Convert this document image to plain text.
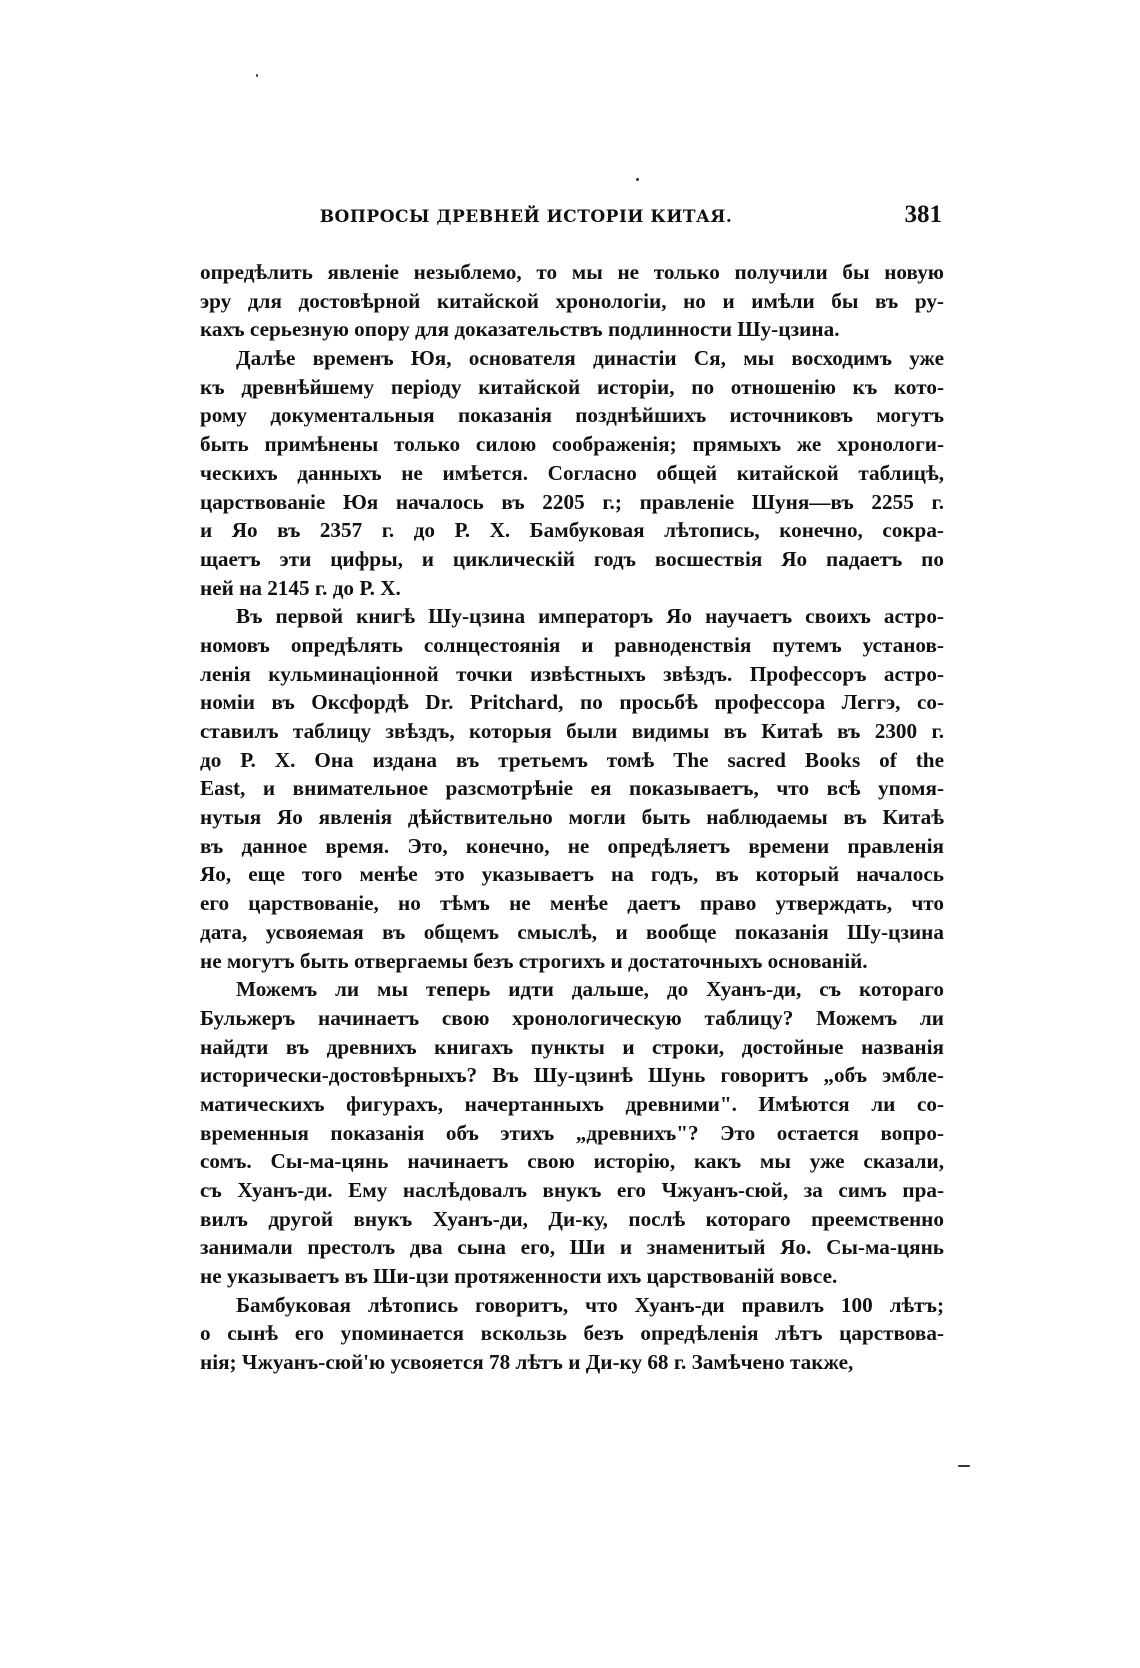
ВОПРОСЫ ДРЕВНЕЙ ИСТОРІИ КИТАЯ.	381
опредѣлить явленіе незыблемо, то мы не только получили бы новую
эру для достовѣрной китайской хронологіи, но и имѣли бы въ ру-
кахъ серьезную опору для доказательствъ подлинности Шу-цзина.
Далѣе временъ Юя, основателя династіи Ся, мы восходимъ уже
къ древнѣйшему періоду китайской исторіи, по отношенію къ кото-
рому документальныя показанія позднѣйшихъ источниковъ могутъ
быть примѣнены только силою соображенія; прямыхъ же хронологи-
ческихъ данныхъ не имѣется. Согласно общей китайской таблицѣ,
царствованіе Юя началось въ 2205 г.; правленіе Шуня—въ 2255 г.
и Яо въ 2357 г. до Р. Х. Бамбуковая лѣтопись, конечно, сокра-
щаетъ эти цифры, и циклическій годъ восшествія Яо падаетъ по
ней на 2145 г. до Р. Х.
Въ первой книгѣ Шу-цзина императоръ Яо научаетъ своихъ астро-
номовъ опредѣлять солнцестоянія и равноденствія путемъ установ-
ленія кульминаціонной точки извѣстныхъ звѣздъ. Профессоръ астро-
номіи въ Оксфордѣ Dr. Pritchard, по просьбѣ профессора Леггэ, со-
ставилъ таблицу звѣздъ, которыя были видимы въ Китаѣ въ 2300 г.
до Р. Х. Она издана въ третьемъ томѣ The sacred Books of the
East, и внимательное разсмотрѣніе ея показываетъ, что всѣ упомя-
нутыя Яо явленія дѣйствительно могли быть наблюдаемы въ Китаѣ
въ данное время. Это, конечно, не опредѣляетъ времени правленія
Яо, еще того менѣе это указываетъ на годъ, въ который началось
его царствованіе, но тѣмъ не менѣе даетъ право утверждать, что
дата, усвояемая въ общемъ смыслѣ, и вообще показанія Шу-цзина
не могутъ быть отвергаемы безъ строгихъ и достаточныхъ основаній.
Можемъ ли мы теперь идти дальше, до Хуанъ-ди, съ котораго
Бульжеръ начинаетъ свою хронологическую таблицу? Можемъ ли
найдти въ древнихъ книгахъ пункты и строки, достойные названія
исторически-достовѣрныхъ? Въ Шу-цзинѣ Шунь говоритъ „объ эмбле-
матическихъ фигурахъ, начертанныхъ древними". Имѣются ли со-
временныя показанія объ этихъ „древнихъ"? Это остается вопро-
сомъ. Сы-ма-цянь начинаетъ свою исторію, какъ мы уже сказали,
съ Хуанъ-ди. Ему наслѣдовалъ внукъ его Чжуанъ-сюй, за симъ пра-
вилъ другой внукъ Хуанъ-ди, Ди-ку, послѣ котораго преемственно
занимали престолъ два сына его, Ши и знаменитый Яо. Сы-ма-цянь
не указываетъ въ Ши-цзи протяженности ихъ царствованій вовсе.
Бамбуковая лѣтопись говоритъ, что Хуанъ-ди правилъ 100 лѣтъ;
о сынѣ его упоминается вскользь безъ опредѣленія лѣтъ царствова-
нія; Чжуанъ-сюй'ю усвояется 78 лѣтъ и Ди-ку 68 г. Замѣчено также,
